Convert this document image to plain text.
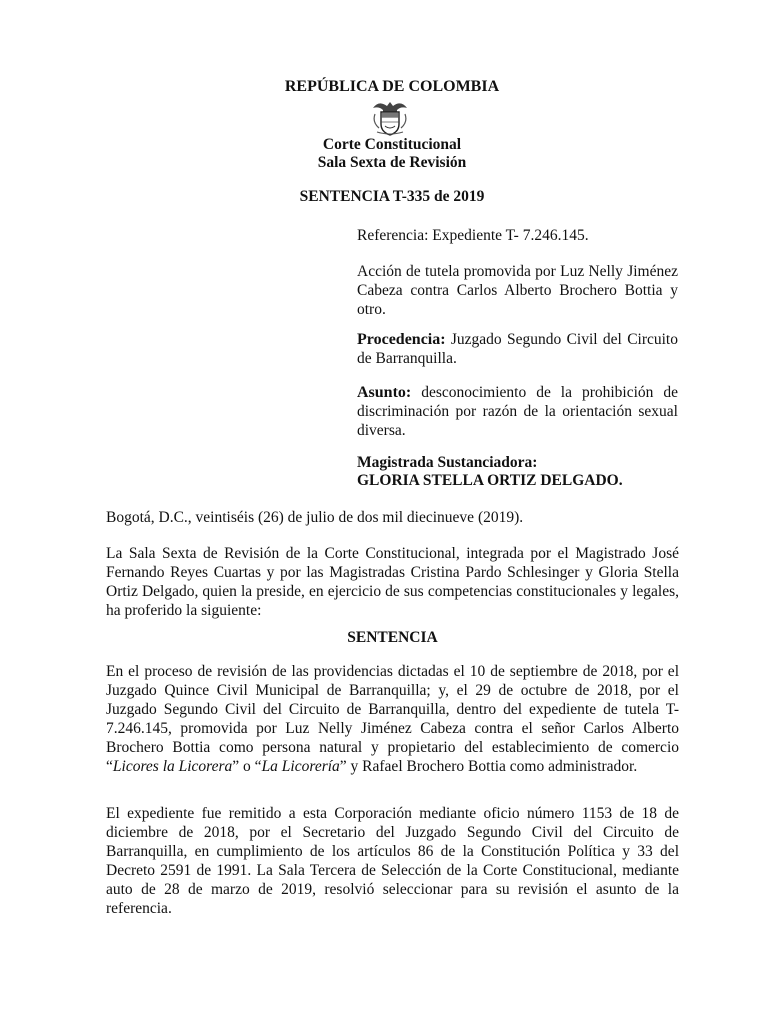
REPÚBLICA DE COLOMBIA
Corte Constitucional
Sala Sexta de Revisión
SENTENCIA T-335 de 2019
Referencia: Expediente T- 7.246.145.

Acción de tutela promovida por Luz Nelly Jiménez Cabeza contra Carlos Alberto Brochero Bottia y otro.

Procedencia: Juzgado Segundo Civil del Circuito de Barranquilla.

Asunto: desconocimiento de la prohibición de discriminación por razón de la orientación sexual diversa.

Magistrada Sustanciadora:
GLORIA STELLA ORTIZ DELGADO.
Bogotá, D.C., veintiséis (26) de julio de dos mil diecinueve (2019).

La Sala Sexta de Revisión de la Corte Constitucional, integrada por el Magistrado José Fernando Reyes Cuartas y por las Magistradas Cristina Pardo Schlesinger y Gloria Stella Ortiz Delgado, quien la preside, en ejercicio de sus competencias constitucionales y legales, ha proferido la siguiente:

SENTENCIA

En el proceso de revisión de las providencias dictadas el 10 de septiembre de 2018, por el Juzgado Quince Civil Municipal de Barranquilla; y, el 29 de octubre de 2018, por el Juzgado Segundo Civil del Circuito de Barranquilla, dentro del expediente de tutela T-7.246.145, promovida por Luz Nelly Jiménez Cabeza contra el señor Carlos Alberto Brochero Bottia como persona natural y propietario del establecimiento de comercio “Licores la Licorera” o “La Licorería” y Rafael Brochero Bottia como administrador.

El expediente fue remitido a esta Corporación mediante oficio número 1153 de 18 de diciembre de 2018, por el Secretario del Juzgado Segundo Civil del Circuito de Barranquilla, en cumplimiento de los artículos 86 de la Constitución Política y 33 del Decreto 2591 de 1991. La Sala Tercera de Selección de la Corte Constitucional, mediante auto de 28 de marzo de 2019, resolvió seleccionar para su revisión el asunto de la referencia.
